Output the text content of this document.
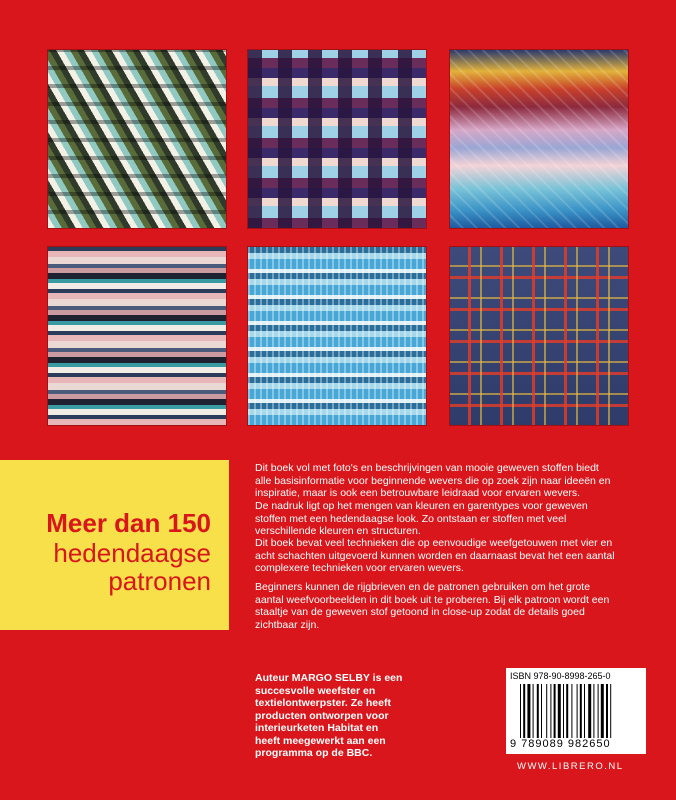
Meer dan 150
hedendaagse
patronen

Dit boek vol met foto's en beschrijvingen van mooie geweven stoffen biedt alle basisinformatie voor beginnende wevers die op zoek zijn naar ideeën en inspiratie, maar is ook een betrouwbare leidraad voor ervaren wevers.

De nadruk ligt op het mengen van kleuren en garentypes voor geweven stoffen met een hedendaagse look. Zo ontstaan er stoffen met veel verschillende kleuren en structuren.

Dit boek bevat veel technieken die op eenvoudige weefgetouwen met vier en acht schachten uitgevoerd kunnen worden en daarnaast bevat het een aantal complexere technieken voor ervaren wevers.

Beginners kunnen de rijgbrieven en de patronen gebruiken om het grote aantal weefvoorbeelden in dit boek uit te proberen. Bij elk patroon wordt een staaltje van de geweven stof getoond in close-up zodat de details goed zichtbaar zijn.

Auteur MARGO SELBY is een succesvolle weefster en textielontwerpster. Ze heeft producten ontworpen voor interieurketen Habitat en heeft meegewerkt aan een programma op de BBC.

ISBN 978-90-8998-265-0
9 789089 982650
WWW.LIBRERO.NL
